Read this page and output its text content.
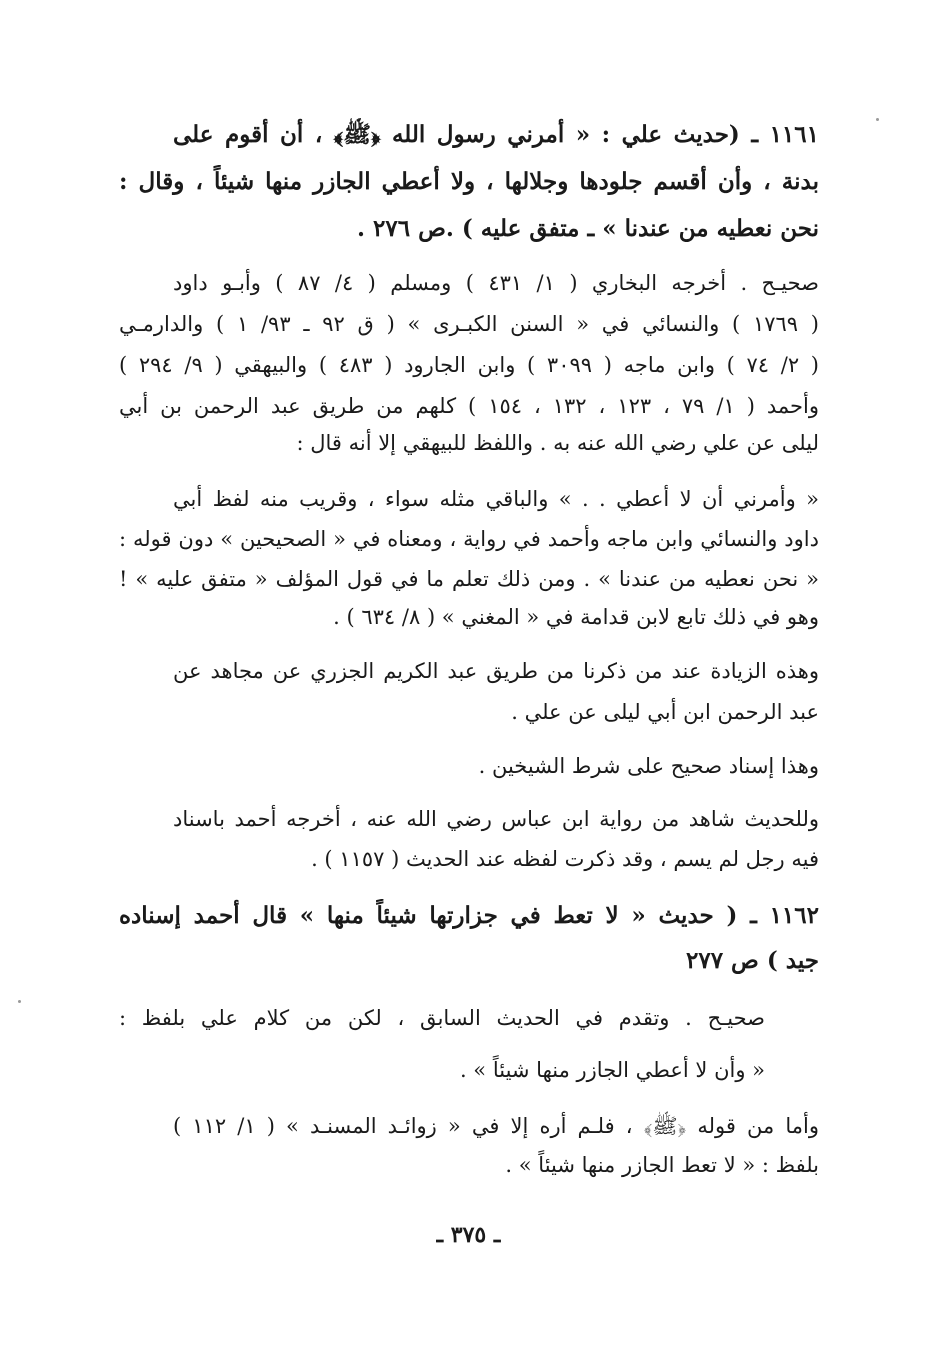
١١٦١ ـ (حديث علي : « أمرني رسول الله ﴿ﷺ﴾ ، أن أقوم على
بدنة ، وأن أقسم جلودها وجلالها ، ولا أعطي الجازر منها شيئاً ، وقال :
نحن نعطيه من عندنا » ـ متفق عليه ) .ص ٢٧٦ .
صحيـح . أخرجه البخاري ( ١/ ٤٣١ ) ومسلم ( ٤/ ٨٧ ) وأبـو داود
( ١٧٦٩ ) والنسائي في « السنن الكبـرى » ( ق ٩٢ ـ ٩٣/ ١ ) والدارمـي
( ٢/ ٧٤ ) وابن ماجه ( ٣٠٩٩ ) وابن الجارود ( ٤٨٣ ) والبيهقي ( ٩/ ٢٩٤ )
وأحمد ( ١/ ٧٩ ، ١٢٣ ، ١٣٢ ، ١٥٤ ) كلهم من طريق عبد الرحمن بن أبي
ليلى عن علي رضي الله عنه به . واللفظ للبيهقي إلا أنه قال :
« وأمرني أن لا أعطي . . » والباقي مثله سواء ، وقريب منه لفظ أبي
داود والنسائي وابن ماجه وأحمد في رواية ، ومعناه في « الصحيحين » دون قوله :
« نحن نعطيه من عندنا » . ومن ذلك تعلم ما في قول المؤلف « متفق عليه » !
وهو في ذلك تابع لابن قدامة في « المغني » ( ٨/ ٦٣٤ ) .
وهذه الزيادة عند من ذكرنا من طريق عبد الكريم الجزري عن مجاهد عن
عبد الرحمن ابن أبي ليلى عن علي .
وهذا إسناد صحيح على شرط الشيخين .
وللحديث شاهد من رواية ابن عباس رضي الله عنه ، أخرجه أحمد باسناد
فيه رجل لم يسم ، وقد ذكرت لفظه عند الحديث ( ١١٥٧ ) .
١١٦٢ ـ ( حديث « لا تعط في جزارتها شيئاً منها » قال أحمد إسناده
جيد ) ص ٢٧٧
صحيـح . وتقدم في الحديث السابق ، لكن من كلام علي بلفظ :
« وأن لا أعطي الجازر منها شيئاً » .
وأما من قوله ﴿ﷺ﴾ ، فلـم أره إلا في « زوائـد المسنـد » ( ١/ ١١٢ )
بلفظ : « لا تعط الجازر منها شيئاً » .
ـ ٣٧٥ ـ
